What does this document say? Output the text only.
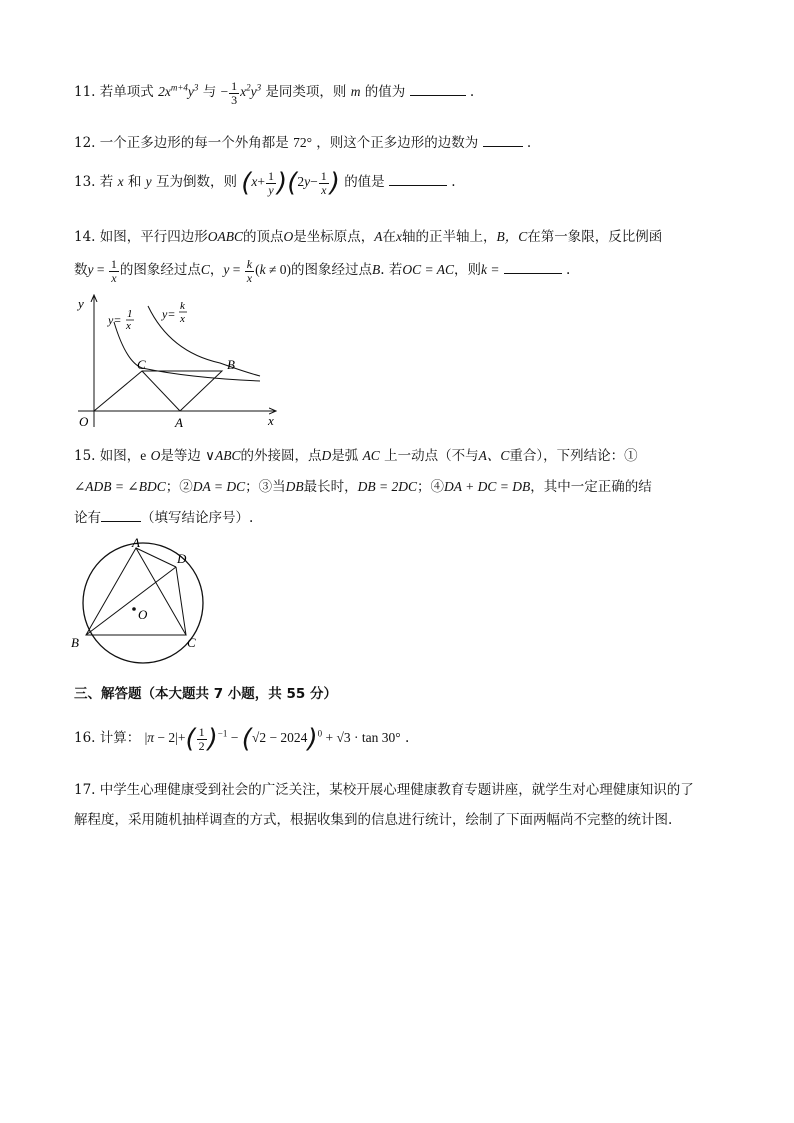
11. 若单项式 $2x^{m+4}y^3$ 与 − $\frac{1}{3} x^2y^3$ 是同类项，则 m 的值为	.
12. 一个正多边形的每一个外角都是 72° ，则这个正多边形的边数为	.
13. 若 x 和 y 互为倒数，则 $(x+ \frac{1}{y} )(2y- \frac{1}{x}$ ) 的值是	.
14. 如图，平行四边形OABC的顶点O是坐标原点，A在x轴的正半轴上，B，C在第一象限，反比例函
数$y = \frac{1}{x}$ 的图象经过点C，$y = \frac{k}{x} (k \ne 0)$的图象经过点B. 若OC = AC，则k =	.
y
x
O	A
C	B
y= 1
x
y=
k
x
15. 如图，e O是等边 ∨ABC的外接圆，点D是弧 AC 上一动点（不与A、C重合），下列结论：①
∠ADB = ∠BDC；②DA = DC；③当DB最长时，DB = 2DC；④DA + DC = DB，其中一定正确的结
论有	（填写结论序号）.
A
D
B	C
O
三、解答题（本大题共 7 小题，共 55 分）
16. 计算： $|\pi - 2|+( \frac{1}{2} )^{-1} - (√2 - 2024)^0 + √3 \cdot \tan 30^\circ$ .
17. 中学生心理健康受到社会的广泛关注，某校开展心理健康教育专题讲座，就学生对心理健康知识的了
解程度，采用随机抽样调查的方式，根据收集到的信息进行统计，绘制了下面两幅尚不完整的统计图.
